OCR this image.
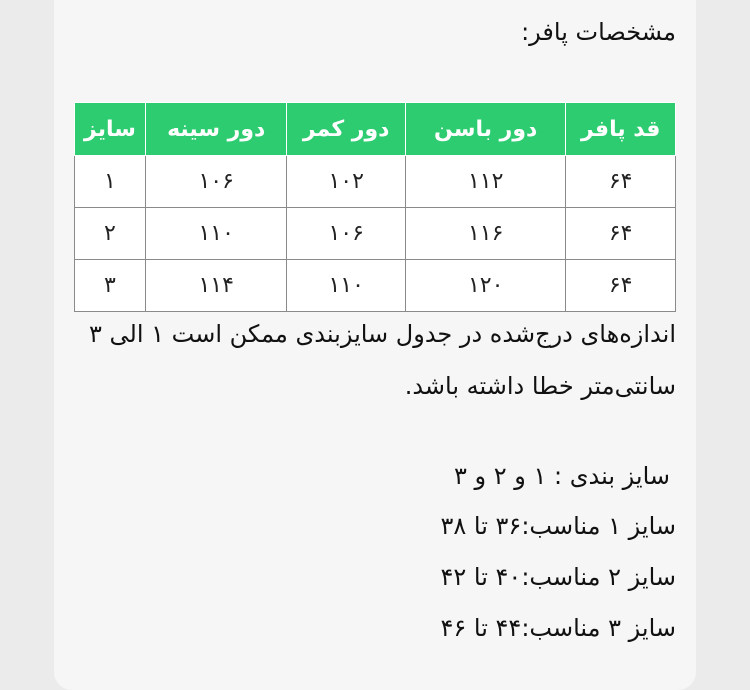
مشخصات پافر:
قد پافر	دور باسن	دور کمر	دور سینه	سایز
۶۴	۱۱۲	۱۰۲	۱۰۶	۱
۶۴	۱۱۶	۱۰۶	۱۱۰	۲
۶۴	۱۲۰	۱۱۰	۱۱۴	۳
اندازه‌های درج‌شده در جدول سایزبندی ممکن است ۱ الی ۳
سانتی‌متر خطا داشته باشد.
سایز بندی : ۱ و ۲ و ۳
سایز ۱ مناسب:۳۶ تا ۳۸
سایز ۲ مناسب:۴۰ تا ۴۲
سایز ۳ مناسب:۴۴ تا ۴۶
